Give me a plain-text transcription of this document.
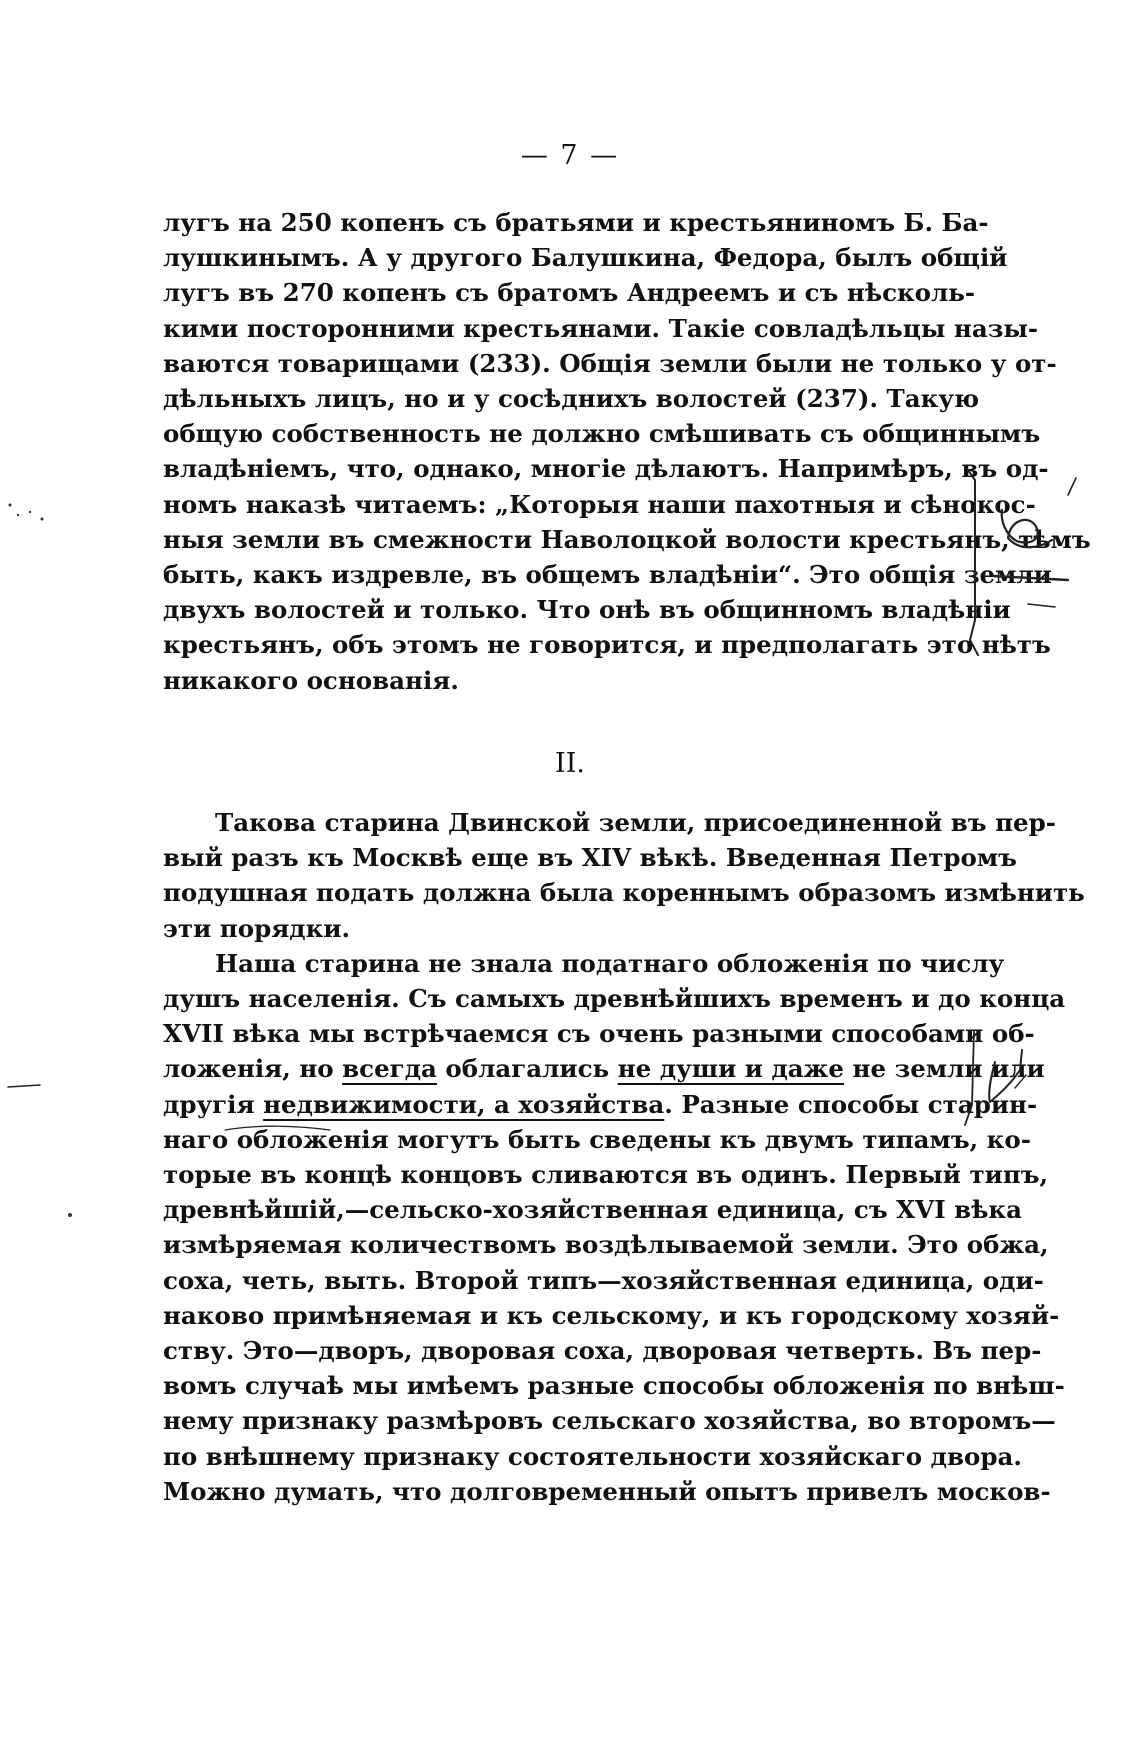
— 7 —
лугъ на 250 копенъ съ братьями и крестьяниномъ Б. Ба-
лушкинымъ. А у другого Балушкина, Федора, былъ общій
лугъ въ 270 копенъ съ братомъ Андреемъ и съ нѣсколь-
кими посторонними крестьянами. Такіе совладѣльцы назы-
ваются товарищами (233). Общія земли были не только у от-
дѣльныхъ лицъ, но и у сосѣднихъ волостей (237). Такую
общую собственность не должно смѣшивать съ общиннымъ
владѣніемъ, что, однако, многіе дѣлаютъ. Напримѣръ, въ од-
номъ наказѣ читаемъ: „Которыя наши пахотныя и сѣнокос-
ныя земли въ смежности Наволоцкой волости крестьянъ, тѣмъ
быть, какъ издревле, въ общемъ владѣніи“. Это общія земли
двухъ волостей и только. Что онѣ въ общинномъ владѣніи
крестьянъ, объ этомъ не говорится, и предполагать это нѣтъ
никакого основанія.
II.
Такова старина Двинской земли, присоединенной въ пер-
вый разъ къ Москвѣ еще въ XIV вѣкѣ. Введенная Петромъ
подушная подать должна была кореннымъ образомъ измѣнить
эти порядки.
Наша старина не знала податнаго обложенія по числу
душъ населенія. Съ самыхъ древнѣйшихъ временъ и до конца
XVII вѣка мы встрѣчаемся съ очень разными способами об-
ложенія, но всегда облагались не души и даже не земли или
другія недвижимости, а хозяйства. Разные способы старин-
наго обложенія могутъ быть сведены къ двумъ типамъ, ко-
торые въ концѣ концовъ сливаются въ одинъ. Первый типъ,
древнѣйшій,—сельско-хозяйственная единица, съ XVI вѣка
измѣряемая количествомъ воздѣлываемой земли. Это обжа,
соха, четь, выть. Второй типъ—хозяйственная единица, оди-
наково примѣняемая и къ сельскому, и къ городскому хозяй-
ству. Это—дворъ, дворовая соха, дворовая четверть. Въ пер-
вомъ случаѣ мы имѣемъ разные способы обложенія по внѣш-
нему признаку размѣровъ сельскаго хозяйства, во второмъ—
по внѣшнему признаку состоятельности хозяйскаго двора.
Можно думать, что долговременный опытъ привелъ москов-
